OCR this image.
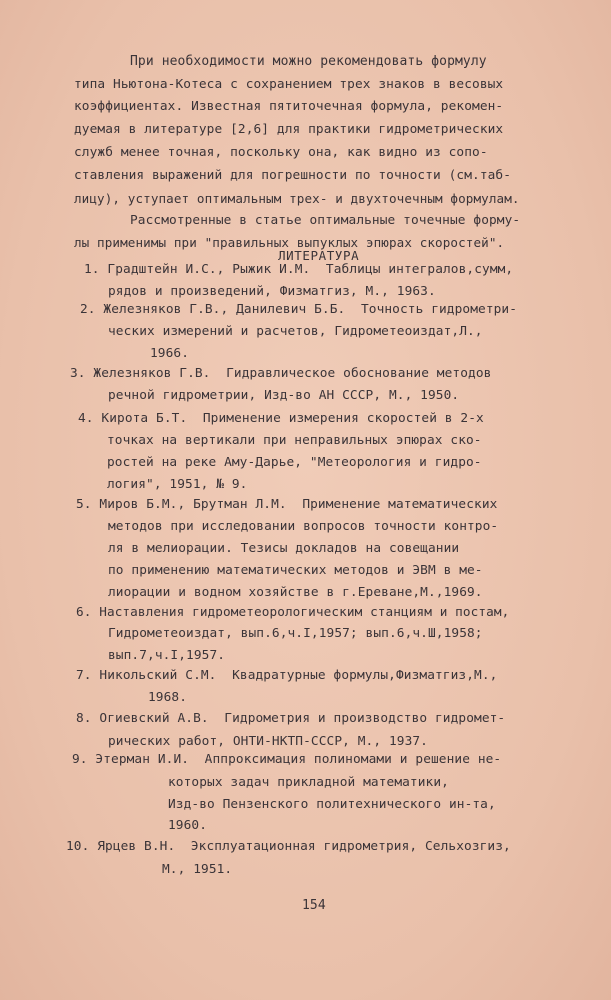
При необходимости можно рекомендовать формулу
типа Ньютона-Котеса с сохранением трех знаков в весовых
коэффициентах. Известная пятиточечная формула, рекомен-
дуемая в литературе [2,6] для практики гидрометрических
служб менее точная, поскольку она, как видно из сопо-
ставления выражений для погрешности по точности (см.таб-
лицу), уступает оптимальным трех- и двухточечным формулам.
Рассмотренные в статье оптимальные точечные форму-
лы применимы при "правильных выпуклых эпюрах скоростей".
ЛИТЕРАТУРА
1. Градштейн И.С., Рыжик И.М.  Таблицы интегралов,сумм,
рядов и произведений, Физматгиз, М., 1963.
2. Железняков Г.В., Данилевич Б.Б.  Точность гидрометри-
ческих измерений и расчетов, Гидрометеоиздат,Л.,
1966.
3. Железняков Г.В.  Гидравлическое обоснование методов
речной гидрометрии, Изд-во АН СССР, М., 1950.
4. Кирота Б.Т.  Применение измерения скоростей в 2-х
точках на вертикали при неправильных эпюрах ско-
ростей на реке Аму-Дарье, "Метеорология и гидро-
логия", 1951, № 9.
5. Миров Б.М., Брутман Л.М.  Применение математических
методов при исследовании вопросов точности контро-
ля в мелиорации. Тезисы докладов на совещании
по применению математических методов и ЭВМ в ме-
лиорации и водном хозяйстве в г.Ереване,М.,1969.
6. Наставления гидрометеорологическим станциям и постам,
Гидрометеоиздат, вып.6,ч.I,1957; вып.6,ч.Ш,1958;
вып.7,ч.I,1957.
7. Никольский С.М.  Квадратурные формулы,Физматгиз,М.,
1968.
8. Огиевский А.В.  Гидрометрия и производство гидромет-
рических работ, ОНТИ-НКТП-СССР, М., 1937.
9. Этерман И.И.  Аппроксимация полиномами и решение не-
которых задач прикладной математики,
Изд-во Пензенского политехнического ин-та,
1960.
10. Ярцев В.Н.  Эксплуатационная гидрометрия, Сельхозгиз,
М., 1951.
154
